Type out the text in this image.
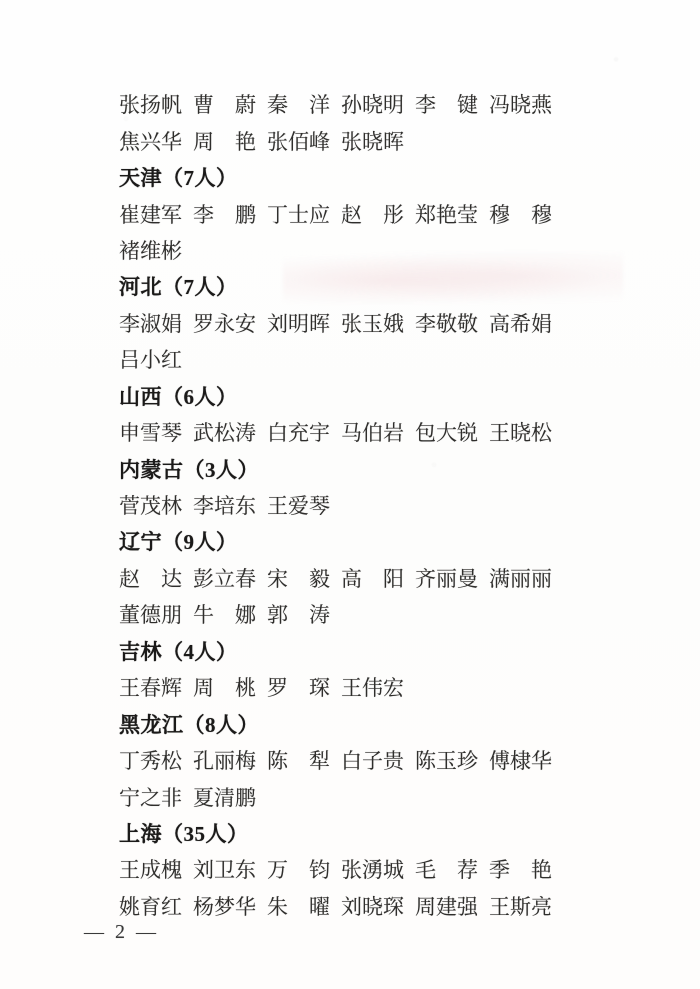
张扬帆 曹　蔚 秦　洋 孙晓明 李　键 冯晓燕
焦兴华 周　艳 张佰峰 张晓晖
天津（7人）
崔建军 李　鹏 丁士应 赵　彤 郑艳莹 穆　穆
褚维彬
河北（7人）
李淑娟 罗永安 刘明晖 张玉娥 李敬敬 高希娟
吕小红
山西（6人）
申雪琴 武松涛 白充宇 马伯岩 包大锐 王晓松
内蒙古（3人）
菅茂林 李培东 王爱琴
辽宁（9人）
赵　达 彭立春 宋　毅 高　阳 齐丽曼 满丽丽
董德朋 牛　娜 郭　涛
吉林（4人）
王春辉 周　桃 罗　琛 王伟宏
黑龙江（8人）
丁秀松 孔丽梅 陈　犁 白子贵 陈玉珍 傅棣华
宁之非 夏清鹏
上海（35人）
王成槐 刘卫东 万　钧 张湧城 毛　荐 季　艳
姚育红 杨梦华 朱　曜 刘晓琛 周建强 王斯亮
— 2 —
